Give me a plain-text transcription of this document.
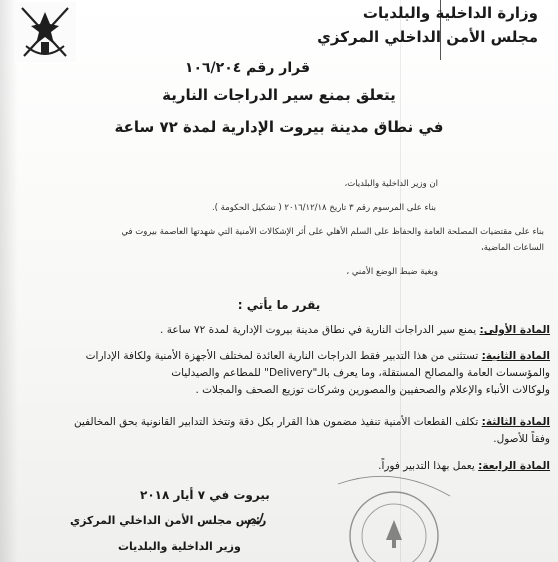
وزارة الداخلية والبلديات
مجلس الأمن الداخلي المركزي
قرار رقم ١٠٦/٢٠٤
يتعلق بمنع سير الدراجات النارية
في نطاق مدينة بيروت الإدارية لمدة ٧٢ ساعة
ان وزير الداخلية والبلديات،
بناء على المرسوم رقم ٣ تاريخ ٢٠١٦/١٢/١٨ ( تشكيل الحكومة ).
بناء على مقتضيات المصلحة العامة والحفاظ على السلم الأهلي على أثر الإشكالات الأمنية التي شهدتها العاصمة بيروت في
الساعات الماضية،
وبغية ضبط الوضع الأمني ،
يقرر ما يأتي :
المادة الأولى: يمنع سير الدراجات النارية في نطاق مدينة بيروت الإدارية لمدة ٧٢ ساعة .
المادة الثانية: تستثنى من هذا التدبير فقط الدراجات النارية العائدة لمختلف الأجهزة الأمنية ولكافة الإدارات
والمؤسسات العامة والمصالح المستقلة، وما يعرف بالـ"Delivery" للمطاعم والصيدليات
ولوكالات الأنباء والإعلام والصحفيين والمصورين وشركات توزيع الصحف والمجلات .
المادة الثالثة: تكلف القطعات الأمنية تنفيذ مضمون هذا القرار بكل دقة وتتخذ التدابير القانونية بحق المخالفين
وفقاً للأصول.
المادة الرابعة: يعمل بهذا التدبير فوراً.
بيروت في ٧ أيار ٢٠١٨
رئيس مجلس الأمن الداخلي المركزي
وزير الداخلية والبلديات
